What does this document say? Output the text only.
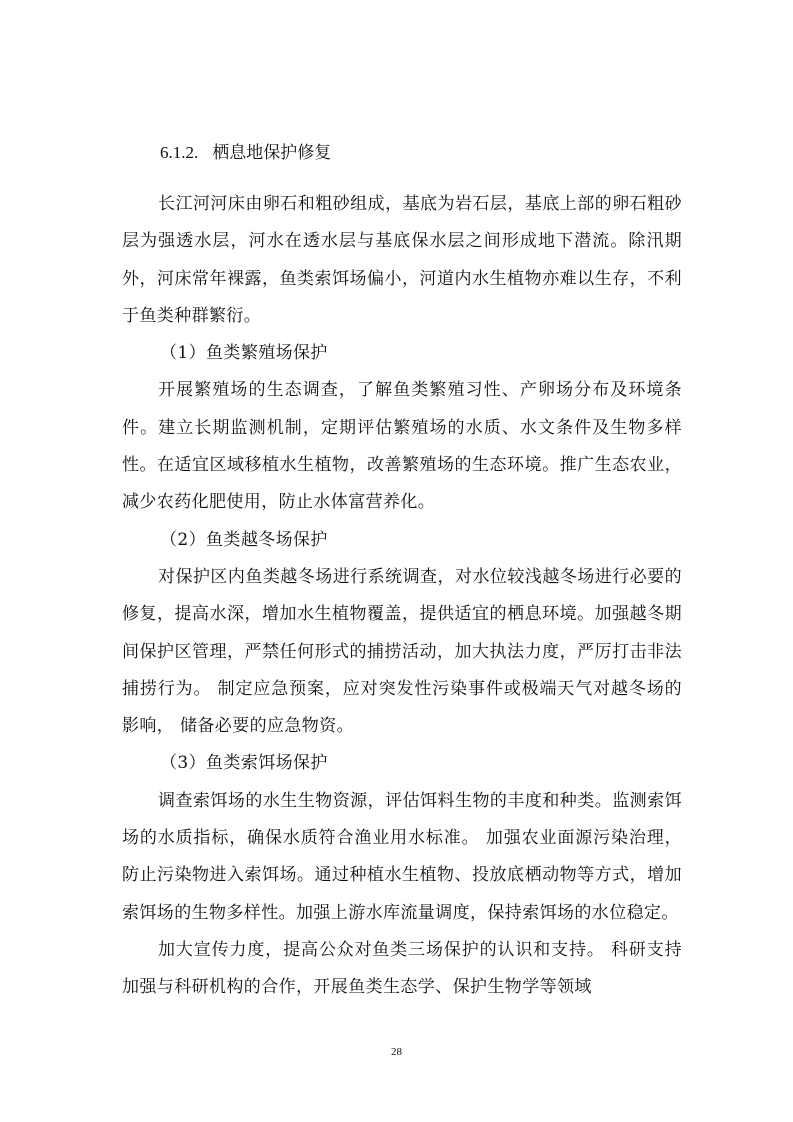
6.1.2. 栖息地保护修复

长江河河床由卵石和粗砂组成，基底为岩石层，基底上部的卵石粗砂层为强透水层，河水在透水层与基底保水层之间形成地下潜流。除汛期外，河床常年裸露，鱼类索饵场偏小，河道内水生植物亦难以生存，不利于鱼类种群繁衍。

（1）鱼类繁殖场保护

开展繁殖场的生态调查，了解鱼类繁殖习性、产卵场分布及环境条件。建立长期监测机制，定期评估繁殖场的水质、水文条件及生物多样性。在适宜区域移植水生植物，改善繁殖场的生态环境。推广生态农业，减少农药化肥使用，防止水体富营养化。

（2）鱼类越冬场保护

对保护区内鱼类越冬场进行系统调查，对水位较浅越冬场进行必要的修复，提高水深，增加水生植物覆盖，提供适宜的栖息环境。加强越冬期间保护区管理，严禁任何形式的捕捞活动，加大执法力度，严厉打击非法捕捞行为。 制定应急预案，应对突发性污染事件或极端天气对越冬场的影响， 储备必要的应急物资。

（3）鱼类索饵场保护

调查索饵场的水生生物资源，评估饵料生物的丰度和种类。监测索饵场的水质指标，确保水质符合渔业用水标准。 加强农业面源污染治理，防止污染物进入索饵场。通过种植水生植物、投放底栖动物等方式，增加索饵场的生物多样性。加强上游水库流量调度，保持索饵场的水位稳定。

加大宣传力度，提高公众对鱼类三场保护的认识和支持。 科研支持 加强与科研机构的合作，开展鱼类生态学、保护生物学等领域

28
